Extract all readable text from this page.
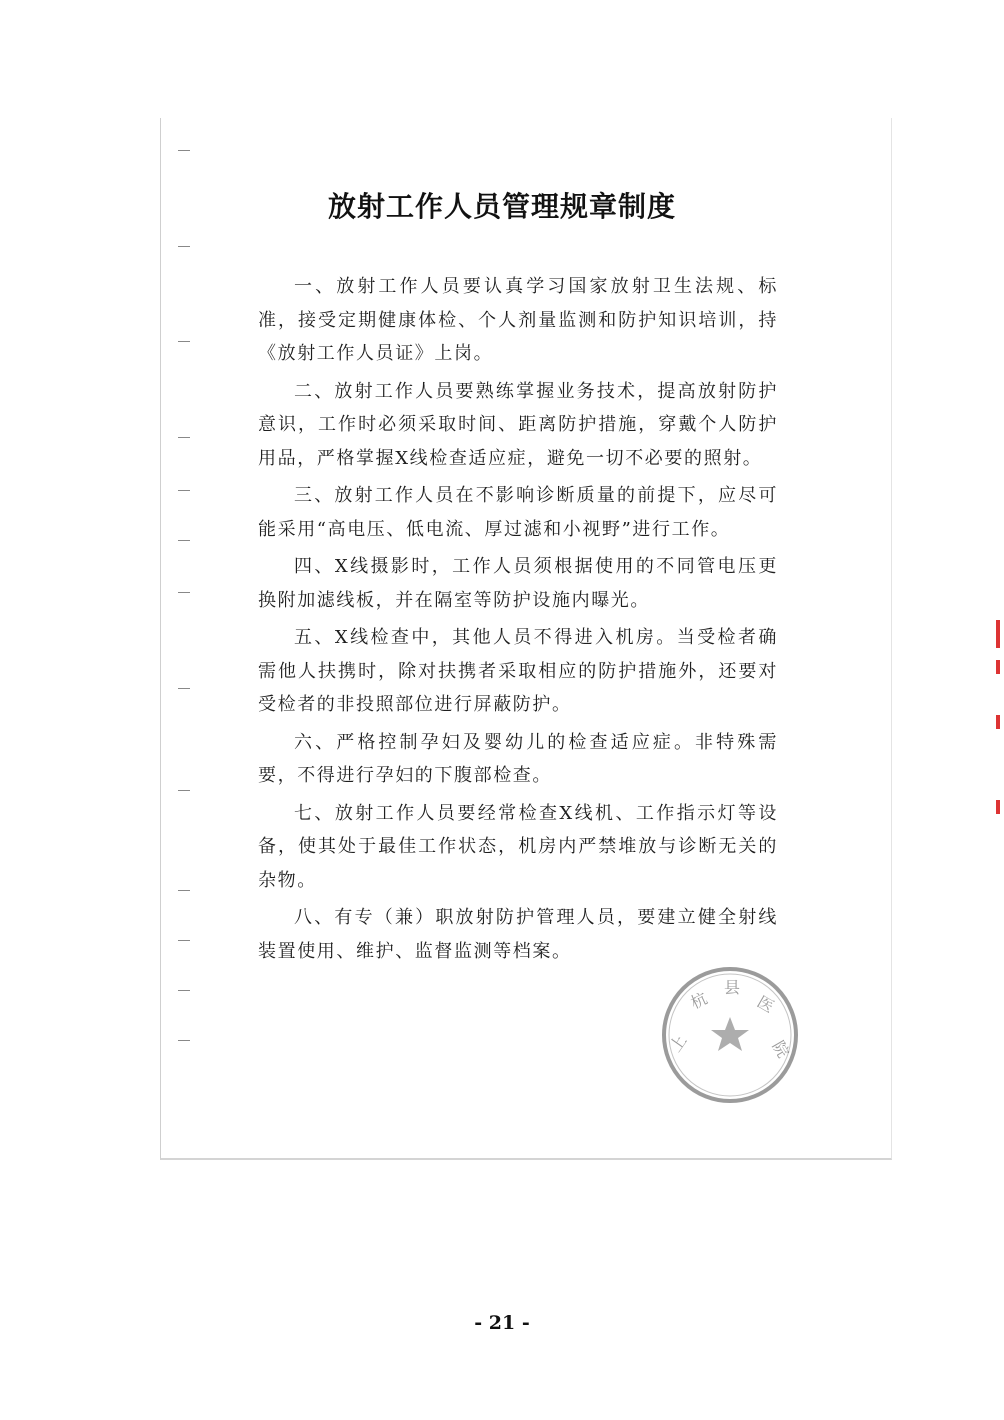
放射工作人员管理规章制度

一、放射工作人员要认真学习国家放射卫生法规、标准，接受定期健康体检、个人剂量监测和防护知识培训，持《放射工作人员证》上岗。

二、放射工作人员要熟练掌握业务技术，提高放射防护意识，工作时必须采取时间、距离防护措施，穿戴个人防护用品，严格掌握X线检查适应症，避免一切不必要的照射。

三、放射工作人员在不影响诊断质量的前提下，应尽可能采用“高电压、低电流、厚过滤和小视野”进行工作。

四、X线摄影时，工作人员须根据使用的不同管电压更换附加滤线板，并在隔室等防护设施内曝光。

五、X线检查中，其他人员不得进入机房。当受检者确需他人扶携时，除对扶携者采取相应的防护措施外，还要对受检者的非投照部位进行屏蔽防护。

六、严格控制孕妇及婴幼儿的检查适应症。非特殊需要，不得进行孕妇的下腹部检查。

七、放射工作人员要经常检查X线机、工作指示灯等设备，使其处于最佳工作状态，机房内严禁堆放与诊断无关的杂物。

八、有专（兼）职放射防护管理人员，要建立健全射线装置使用、维护、监督监测等档案。

上
杭
县
医
院
- 21 -
